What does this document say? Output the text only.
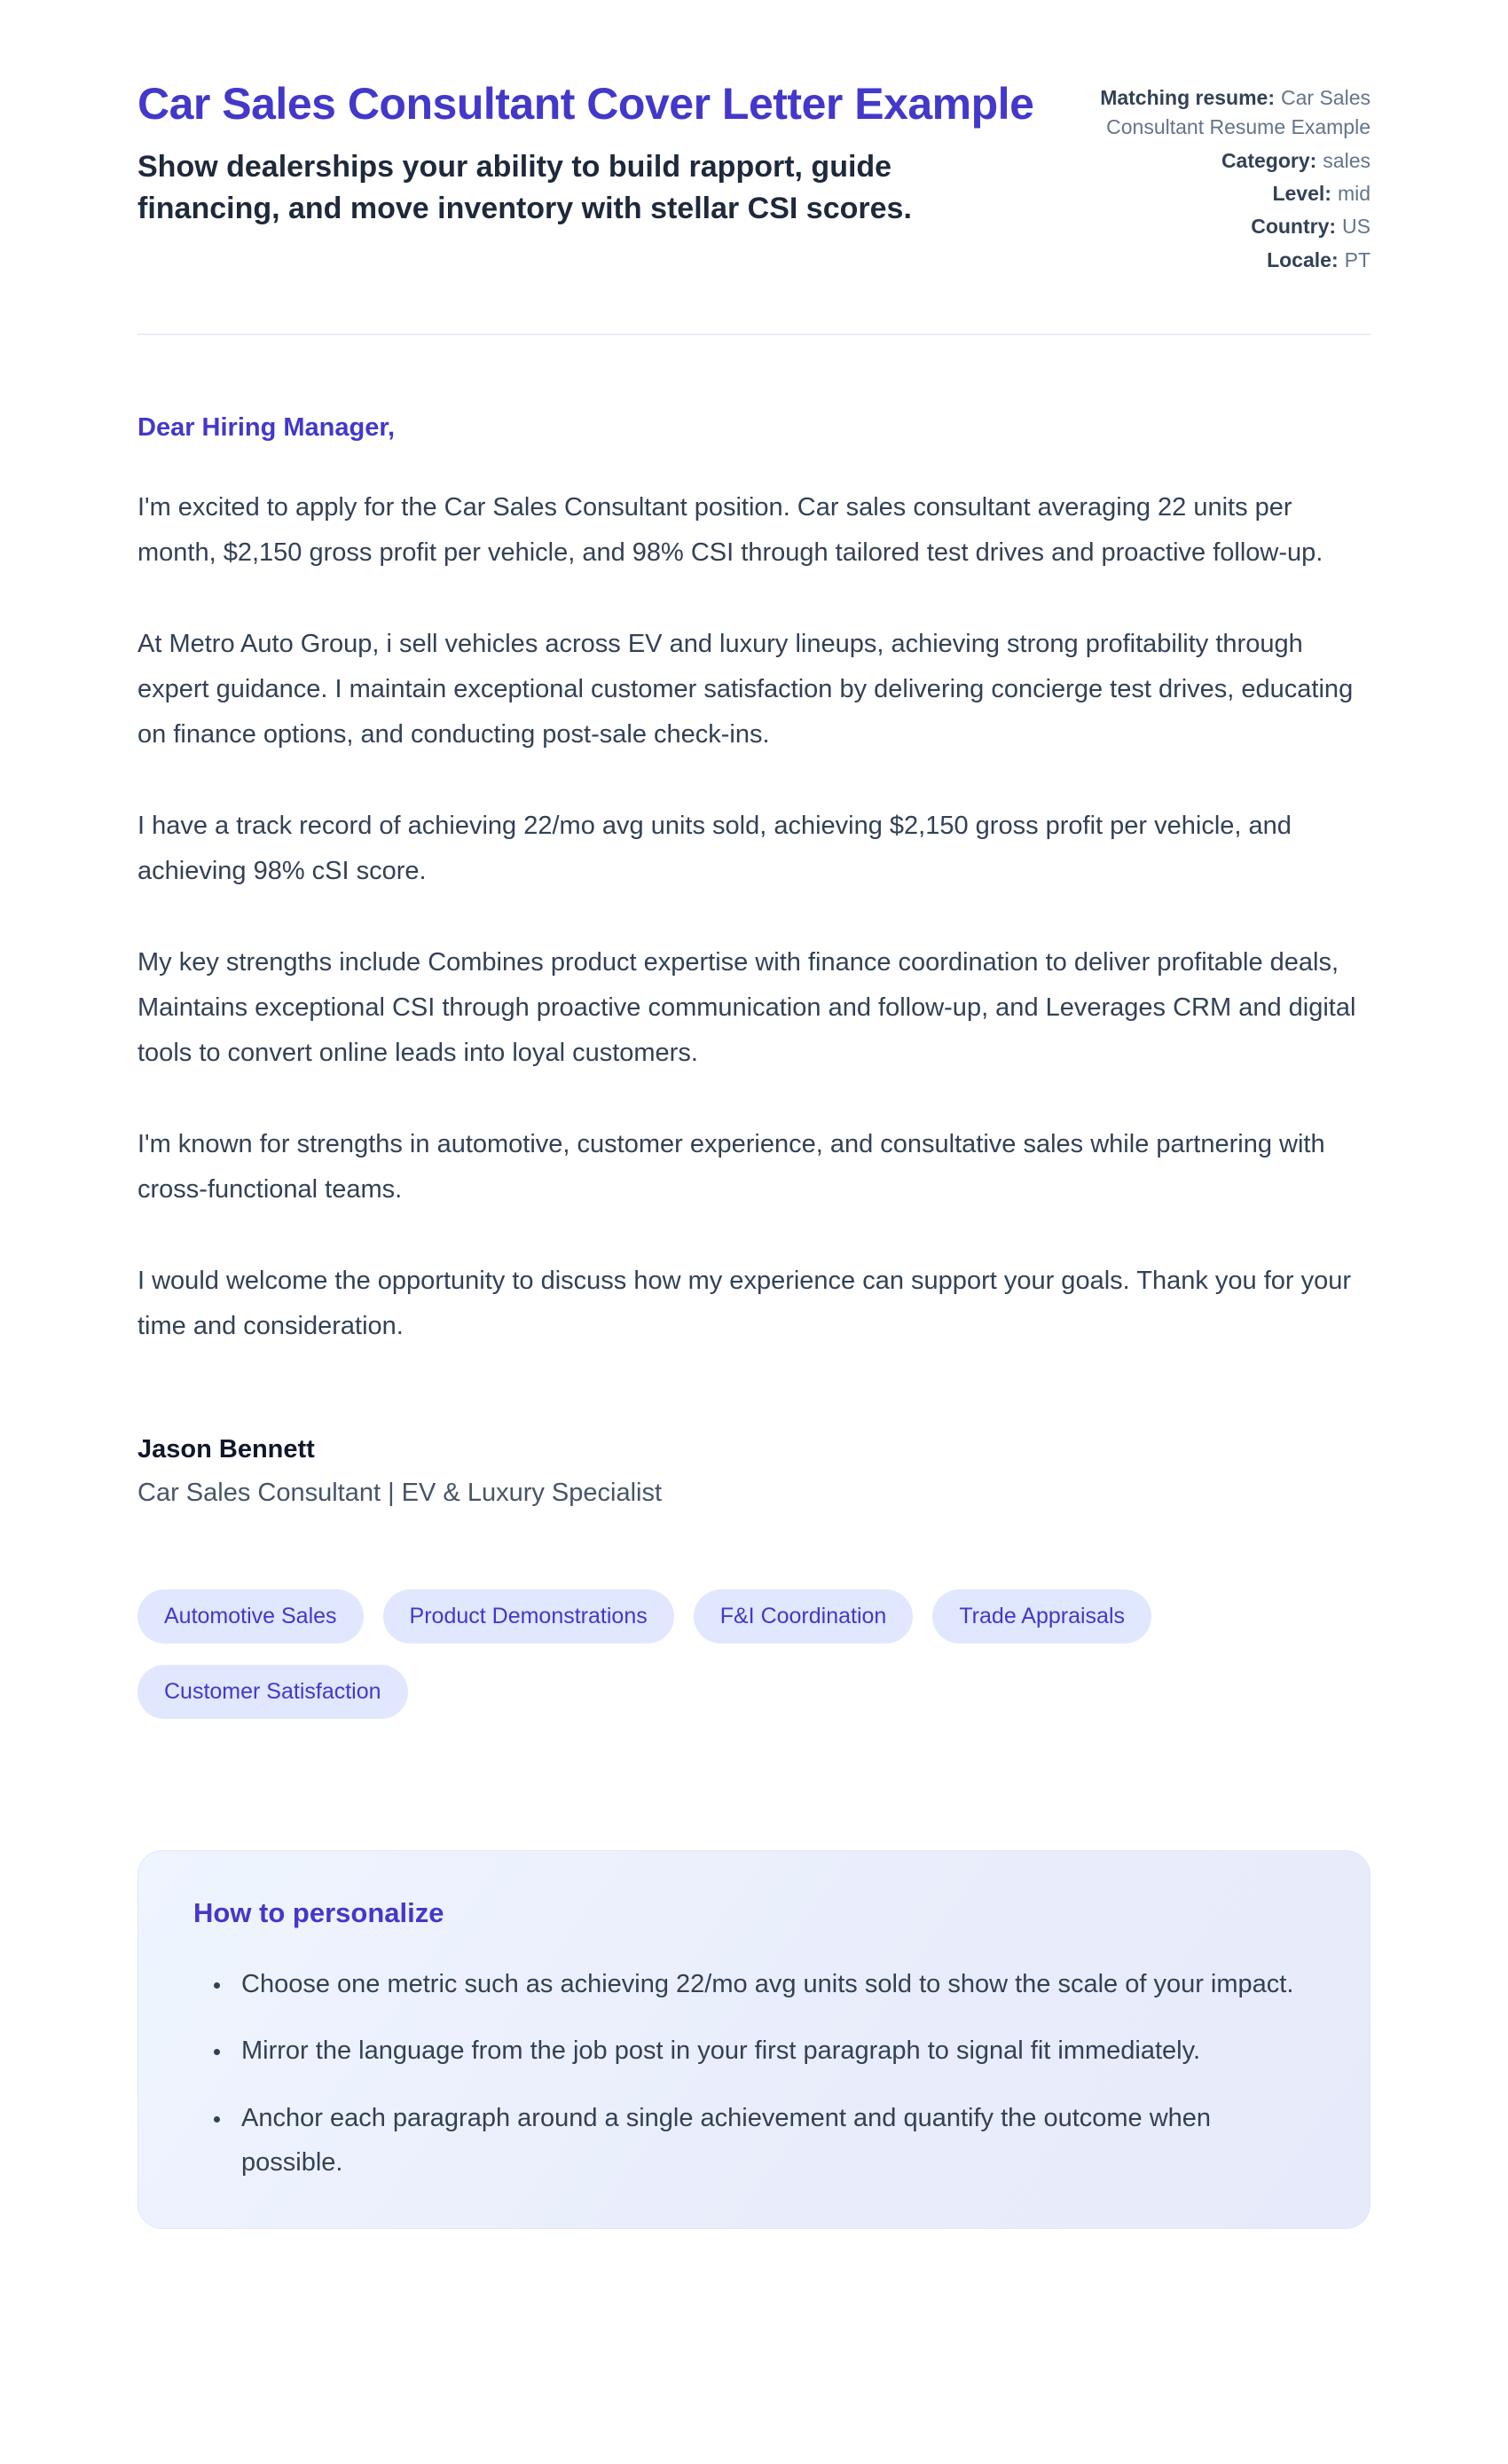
Car Sales Consultant Cover Letter Example

Show dealerships your ability to build rapport, guide financing, and move inventory with stellar CSI scores.

Matching resume: Car Sales Consultant Resume Example
Category: sales
Level: mid
Country: US
Locale: PT

Dear Hiring Manager,

I'm excited to apply for the Car Sales Consultant position. Car sales consultant averaging 22 units per month, $2,150 gross profit per vehicle, and 98% CSI through tailored test drives and proactive follow-up.

At Metro Auto Group, i sell vehicles across EV and luxury lineups, achieving strong profitability through expert guidance. I maintain exceptional customer satisfaction by delivering concierge test drives, educating on finance options, and conducting post-sale check-ins.

I have a track record of achieving 22/mo avg units sold, achieving $2,150 gross profit per vehicle, and achieving 98% cSI score.

My key strengths include Combines product expertise with finance coordination to deliver profitable deals, Maintains exceptional CSI through proactive communication and follow-up, and Leverages CRM and digital tools to convert online leads into loyal customers.

I'm known for strengths in automotive, customer experience, and consultative sales while partnering with cross-functional teams.

I would welcome the opportunity to discuss how my experience can support your goals. Thank you for your time and consideration.

Jason Bennett

Car Sales Consultant | EV & Luxury Specialist

Automotive Sales	Product Demonstrations	F&I Coordination	Trade Appraisals
Customer Satisfaction
How to personalize
• Choose one metric such as achieving 22/mo avg units sold to show the scale of your impact.
• Mirror the language from the job post in your first paragraph to signal fit immediately.
• Anchor each paragraph around a single achievement and quantify the outcome when possible.
